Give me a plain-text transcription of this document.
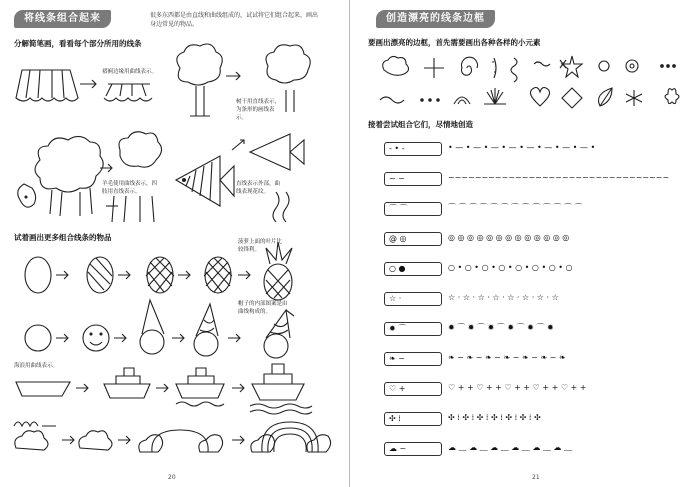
将线条组合起来	很多东西都是由直线和曲线组成的，试试将它们组合起来，画出身边常见的物品。
分解简笔画，看看每个部分所用的线条
褶裥边缘用曲线表示。
树干用直线表示，为条形的画线表示。
羊毛使用曲线表示，四肢用直线表示。
直线表示外部，曲线表现花纹。
试着画出更多组合线条的物品	菠萝上面的叶片比较锋利。
帽子的内部图案是由曲线构成的。
海浪用曲线表示。
20
创造漂亮的线条边框
要画出漂亮的边框，首先需要画出各种各样的小元素
接着尝试组合它们，尽情地创造
- • -	• — • — • — • — • — • — • — • — •
~ ~	~~~~~~~~~~~~~~~~~~~~~~~~~~~~~~~~~
⌒ ⌒	⌒ ⌒ ⌒ ⌒ ⌒ ⌒ ⌒ ⌒ ⌒ ⌒ ⌒ ⌒ ⌒
@ ◎	◎ ◎ ◎ ◎ ◎ ◎ ◎ ◎ ◎ ◎ ◎ ◎ ◎
○ ●	○ • ○ • ○ • ○ • ○ • ○ • ○ • ○
☆ ·	☆ · ☆ · ☆ · ☆ · ☆ · ☆ · ☆ · ☆
✹ ⌒	✹ ⌒ ✹ ⌒ ✹ ⌒ ✹ ⌒ ✹ ⌒ ✹
❧ ~	❧ ~ ❧ ~ ❧ ~ ❧ ~ ❧ ~ ❧ ~ ❧
♡ +	♡ + + ♡ + + ♡ + + ♡ + + ♡ + +
✣ ⁞	✣ ⁞ ✣ ⁞ ✣ ⁞ ✣ ⁞ ✣ ⁞ ✣ ⁞ ✣
☁ ~	☁ ﹏ ☁ ﹏ ☁ ﹏ ☁ ﹏ ☁ ﹏ ☁ ﹏
21
